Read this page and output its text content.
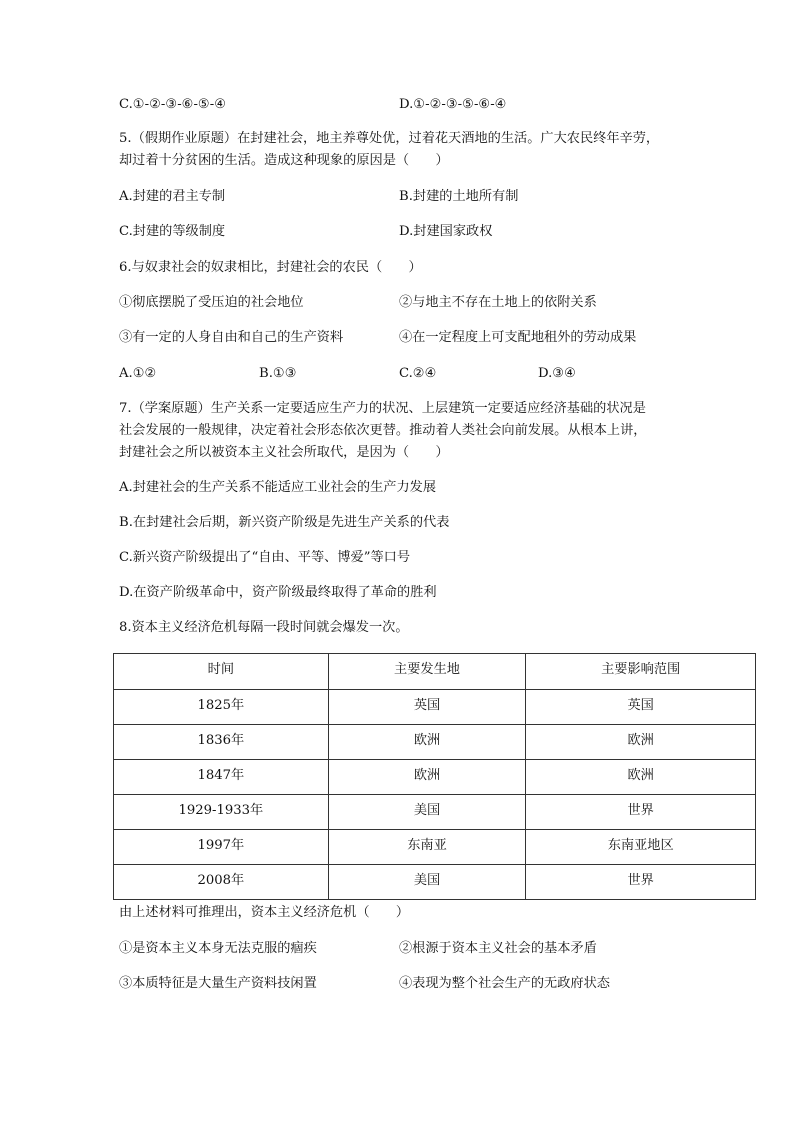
C.①-②-③-⑥-⑤-④	D.①-②-③-⑤-⑥-④
5.（假期作业原题）在封建社会，地主养尊处优，过着花天酒地的生活。广大农民终年辛劳，
却过着十分贫困的生活。造成这种现象的原因是（　　）
A.封建的君主专制	B.封建的土地所有制
C.封建的等级制度	D.封建国家政权
6.与奴隶社会的奴隶相比，封建社会的农民（　　）
①彻底摆脱了受压迫的社会地位	②与地主不存在土地上的依附关系
③有一定的人身自由和自己的生产资料	④在一定程度上可支配地租外的劳动成果
A.①②	B.①③	C.②④	D.③④
7.（学案原题）生产关系一定要适应生产力的状况、上层建筑一定要适应经济基础的状况是
社会发展的一般规律，决定着社会形态依次更替。推动着人类社会向前发展。从根本上讲，
封建社会之所以被资本主义社会所取代，是因为（　　）
A.封建社会的生产关系不能适应工业社会的生产力发展
B.在封建社会后期，新兴资产阶级是先进生产关系的代表
C.新兴资产阶级提出了“自由、平等、博爱”等口号
D.在资产阶级革命中，资产阶级最终取得了革命的胜利
8.资本主义经济危机每隔一段时间就会爆发一次。
时间	主要发生地	主要影响范围
1825年	英国	英国
1836年	欧洲	欧洲
1847年	欧洲	欧洲
1929-1933年	美国	世界
1997年	东南亚	东南亚地区
2008年	美国	世界
由上述材料可推理出，资本主义经济危机（　　）
①是资本主义本身无法克服的痼疾	②根源于资本主义社会的基本矛盾
③本质特征是大量生产资料技闲置	④表现为整个社会生产的无政府状态
